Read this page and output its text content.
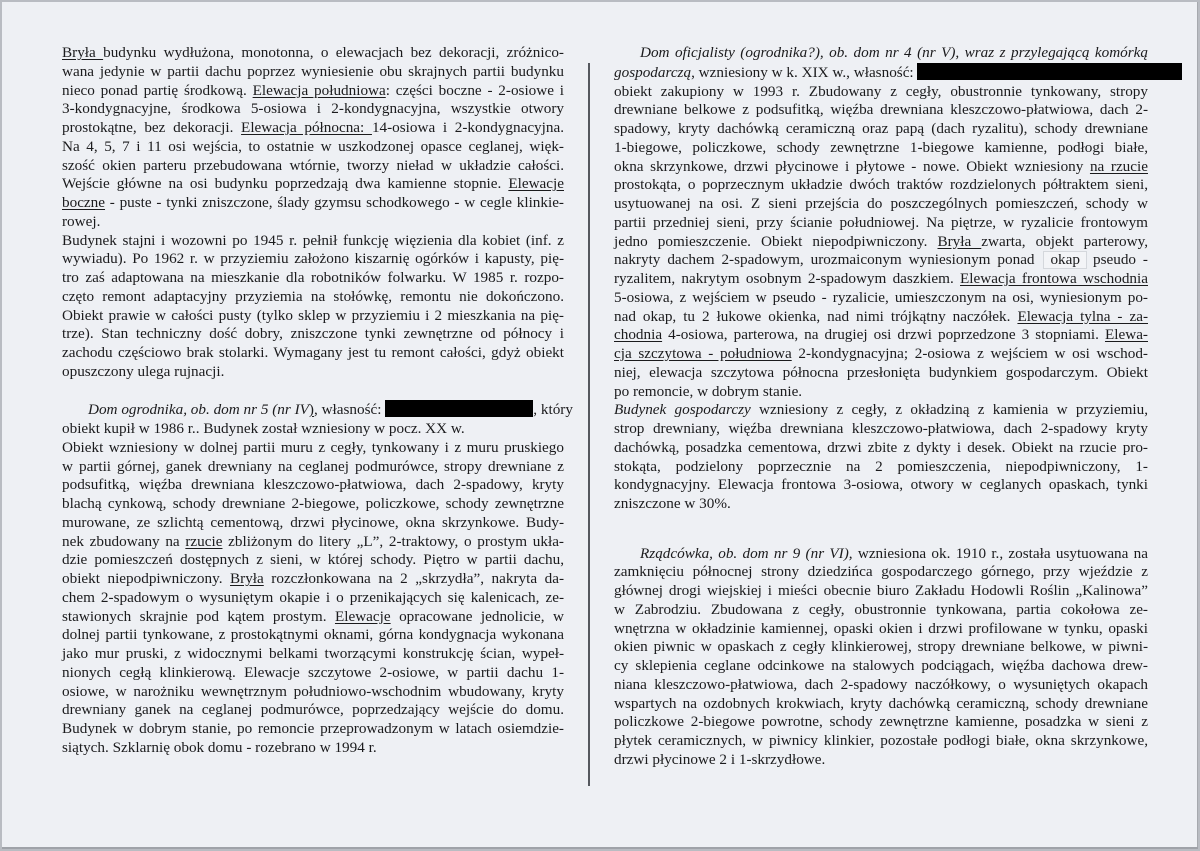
Bryła budynku wydłużona, monotonna, o elewacjach bez dekoracji, zróżnico-
wana jedynie w partii dachu poprzez wyniesienie obu skrajnych partii budynku
nieco ponad partię środkową. Elewacja południowa: części boczne - 2-osiowe i
3-kondygnacyjne, środkowa 5-osiowa i 2-kondygnacyjna, wszystkie otwory
prostokątne, bez dekoracji. Elewacja północna: 14-osiowa i 2-kondygnacyjna.
Na 4, 5, 7 i 11 osi wejścia, to ostatnie w uszkodzonej opasce ceglanej, więk-
szość okien parteru przebudowana wtórnie, tworzy nieład w układzie całości.
Wejście główne na osi budynku poprzedzają dwa kamienne stopnie. Elewacje
boczne - puste - tynki zniszczone, ślady gzymsu schodkowego - w cegle klinkie-
rowej.
Budynek stajni i wozowni po 1945 r. pełnił funkcję więzienia dla kobiet (inf. z
wywiadu). Po 1962 r. w przyziemiu założono kiszarnię ogórków i kapusty, pię-
tro zaś adaptowana na mieszkanie dla robotników folwarku. W 1985 r. rozpo-
częto remont adaptacyjny przyziemia na stołówkę, remontu nie dokończono.
Obiekt prawie w całości pusty (tylko sklep w przyziemiu i 2 mieszkania na pię-
trze). Stan techniczny dość dobry, zniszczone tynki zewnętrzne od północy i
zachodu częściowo brak stolarki. Wymagany jest tu remont całości, gdyż obiekt
opuszczony ulega rujnacji.
Dom ogrodnika, ob. dom nr 5 (nr IV), własność:	, który
obiekt kupił w 1986 r.. Budynek został wzniesiony w pocz. XX w.
Obiekt wzniesiony w dolnej partii muru z cegły, tynkowany i z muru pruskiego
w partii górnej, ganek drewniany na ceglanej podmurówce, stropy drewniane z
podsufitką, więźba drewniana kleszczowo-płatwiowa, dach 2-spadowy, kryty
blachą cynkową, schody drewniane 2-biegowe, policzkowe, schody zewnętrzne
murowane, ze szlichtą cementową, drzwi płycinowe, okna skrzynkowe. Budy-
nek zbudowany na rzucie zbliżonym do litery „L”, 2-traktowy, o prostym ukła-
dzie pomieszczeń dostępnych z sieni, w której schody. Piętro w partii dachu,
obiekt niepodpiwniczony. Bryła rozczłonkowana na 2 „skrzydła”, nakryta da-
chem 2-spadowym o wysuniętym okapie i o przenikających się kalenicach, ze-
stawionych skrajnie pod kątem prostym. Elewacje opracowane jednolicie, w
dolnej partii tynkowane, z prostokątnymi oknami, górna kondygnacja wykonana
jako mur pruski, z widocznymi belkami tworzącymi konstrukcję ścian, wypeł-
nionych cegłą klinkierową. Elewacje szczytowe 2-osiowe, w partii dachu 1-
osiowe, w narożniku wewnętrznym południowo-wschodnim wbudowany, kryty
drewniany ganek na ceglanej podmurówce, poprzedzający wejście do domu.
Budynek w dobrym stanie, po remoncie przeprowadzonym w latach osiemdzie-
siątych. Szklarnię obok domu - rozebrano w 1994 r.
Dom oficjalisty (ogrodnika?), ob. dom nr 4 (nr V), wraz z przylegającą komórką
gospodarczą, wzniesiony w k. XIX w., własność:
obiekt zakupiony w 1993 r. Zbudowany z cegły, obustronnie tynkowany, stropy
drewniane belkowe z podsufitką, więźba drewniana kleszczowo-płatwiowa, dach 2-
spadowy, kryty dachówką ceramiczną oraz papą (dach ryzalitu), schody drewniane
1-biegowe, policzkowe, schody zewnętrzne 1-biegowe kamienne, podłogi białe,
okna skrzynkowe, drzwi płycinowe i płytowe - nowe. Obiekt wzniesiony na rzucie
prostokąta, o poprzecznym układzie dwóch traktów rozdzielonych półtraktem sieni,
usytuowanej na osi. Z sieni przejścia do poszczególnych pomieszczeń, schody w
partii przedniej sieni, przy ścianie południowej. Na piętrze, w ryzalicie frontowym
jedno pomieszczenie. Obiekt niepodpiwniczony. Bryła zwarta, objekt parterowy,
nakryty dachem 2-spadowym, urozmaiconym wyniesionym ponad okap pseudo -
ryzalitem, nakrytym osobnym 2-spadowym daszkiem. Elewacja frontowa wschodnia
5-osiowa, z wejściem w pseudo - ryzalicie, umieszczonym na osi, wyniesionym po-
nad okap, tu 2 łukowe okienka, nad nimi trójkątny naczółek. Elewacja tylna - za-
chodnia 4-osiowa, parterowa, na drugiej osi drzwi poprzedzone 3 stopniami. Elewa-
cja szczytowa - południowa 2-kondygnacyjna; 2-osiowa z wejściem w osi wschod-
niej, elewacja szczytowa północna przesłonięta budynkiem gospodarczym. Obiekt
po remoncie, w dobrym stanie.
Budynek gospodarczy wzniesiony z cegły, z okładziną z kamienia w przyziemiu,
strop drewniany, więźba drewniana kleszczowo-płatwiowa, dach 2-spadowy kryty
dachówką, posadzka cementowa, drzwi zbite z dykty i desek. Obiekt na rzucie pro-
stokąta, podzielony poprzecznie na 2 pomieszczenia, niepodpiwniczony, 1-
kondygnacyjny. Elewacja frontowa 3-osiowa, otwory w ceglanych opaskach, tynki
zniszczone w 30%.
Rządcówka, ob. dom nr 9 (nr VI), wzniesiona ok. 1910 r., została usytuowana na
zamknięciu północnej strony dziedzińca gospodarczego górnego, przy wjeździe z
głównej drogi wiejskiej i mieści obecnie biuro Zakładu Hodowli Roślin „Kalinowa”
w Zabrodziu. Zbudowana z cegły, obustronnie tynkowana, partia cokołowa ze-
wnętrzna w okładzinie kamiennej, opaski okien i drzwi profilowane w tynku, opaski
okien piwnic w opaskach z cegły klinkierowej, stropy drewniane belkowe, w piwni-
cy sklepienia ceglane odcinkowe na stalowych podciągach, więźba dachowa drew-
niana kleszczowo-płatwiowa, dach 2-spadowy naczółkowy, o wysuniętych okapach
wspartych na ozdobnych krokwiach, kryty dachówką ceramiczną, schody drewniane
policzkowe 2-biegowe powrotne, schody zewnętrzne kamienne, posadzka w sieni z
płytek ceramicznych, w piwnicy klinkier, pozostałe podłogi białe, okna skrzynkowe,
drzwi płycinowe 2 i 1-skrzydłowe.
